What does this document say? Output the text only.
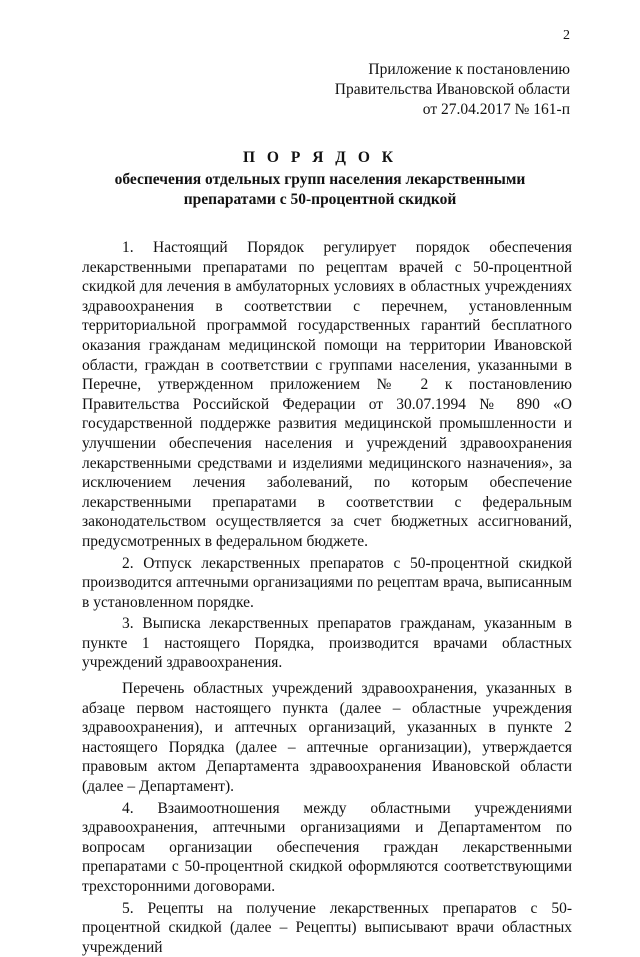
2
Приложение к постановлению
Правительства Ивановской области
от 27.04.2017 № 161-п
П О Р Я Д О К
обеспечения отдельных групп населения лекарственными
препаратами с 50-процентной скидкой

1. Настоящий Порядок регулирует порядок обеспечения лекарственными препаратами по рецептам врачей с 50-процентной скидкой для лечения в амбулаторных условиях в областных учреждениях здравоохранения в соответствии с перечнем, установленным территориальной программой государственных гарантий бесплатного оказания гражданам медицинской помощи на территории Ивановской области, граждан в соответствии с группами населения, указанными в Перечне, утвержденном приложением № 2 к постановлению Правительства Российской Федерации от 30.07.1994 № 890 «О государственной поддержке развития медицинской промышленности и улучшении обеспечения населения и учреждений здравоохранения лекарственными средствами и изделиями медицинского назначения», за исключением лечения заболеваний, по которым обеспечение лекарственными препаратами в соответствии с федеральным законодательством осуществляется за счет бюджетных ассигнований, предусмотренных в федеральном бюджете.

2. Отпуск лекарственных препаратов с 50-процентной скидкой производится аптечными организациями по рецептам врача, выписанным в установленном порядке.

3. Выписка лекарственных препаратов гражданам, указанным в пункте 1 настоящего Порядка, производится врачами областных учреждений здравоохранения.

Перечень областных учреждений здравоохранения, указанных в абзаце первом настоящего пункта (далее – областные учреждения здравоохранения), и аптечных организаций, указанных в пункте 2 настоящего Порядка (далее – аптечные организации), утверждается правовым актом Департамента здравоохранения Ивановской области (далее – Департамент).

4. Взаимоотношения между областными учреждениями здравоохранения, аптечными организациями и Департаментом по вопросам организации обеспечения граждан лекарственными препаратами с 50-процентной скидкой оформляются соответствующими трехсторонними договорами.

5. Рецепты на получение лекарственных препаратов с 50-процентной скидкой (далее – Рецепты) выписывают врачи областных учреждений
